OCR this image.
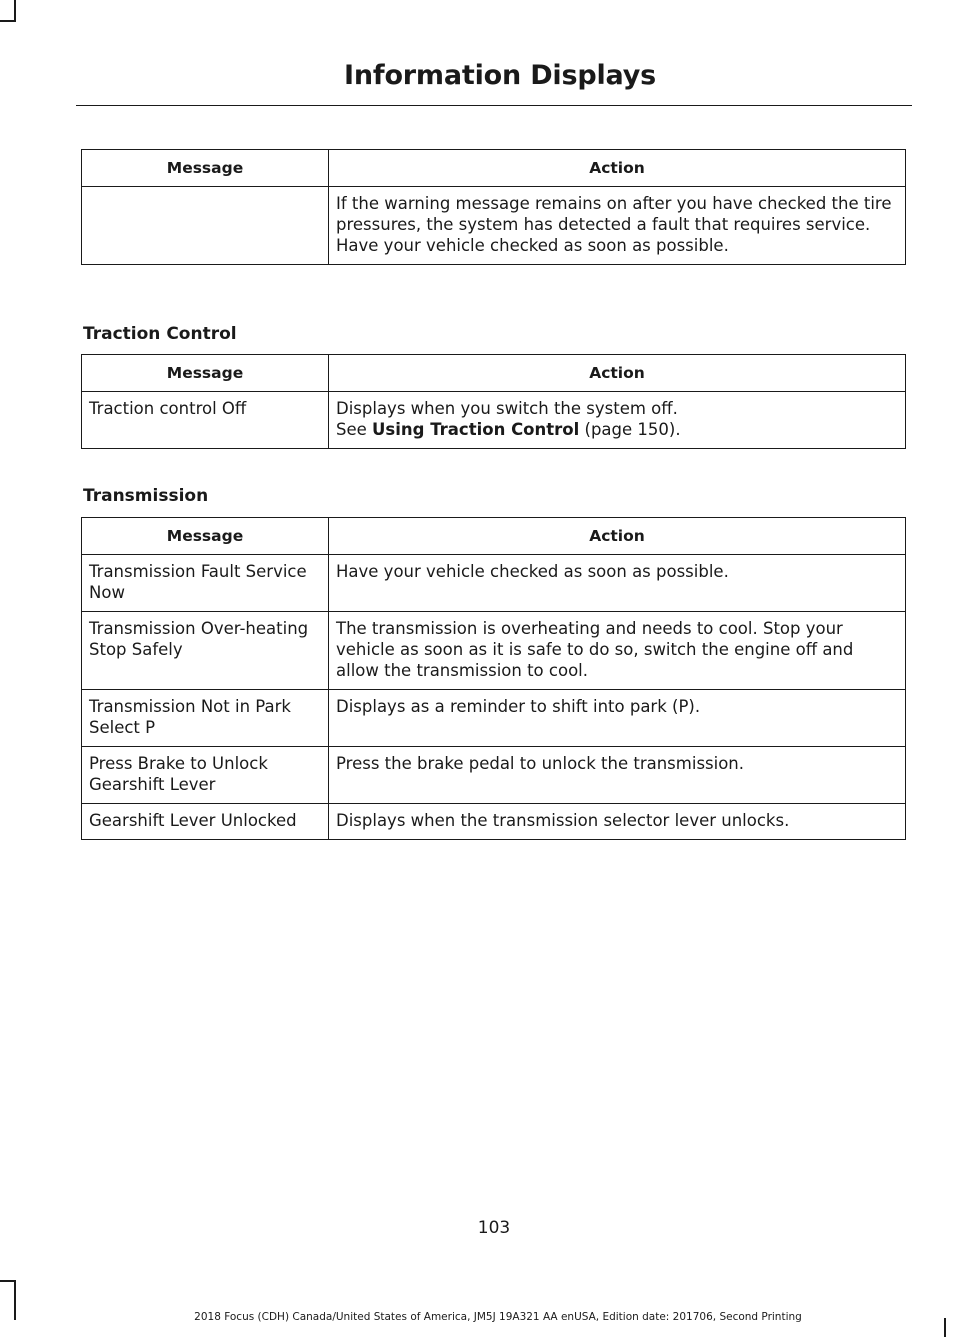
Information Displays
Message	Action
	If the warning message remains on after you have checked the tire pressures, the system has detected a fault that requires service. Have your vehicle checked as soon as possible.
Traction Control
Message	Action
Traction control Off	Displays when you switch the system off.
See Using Traction Control (page 150).
Transmission
Message	Action
Transmission Fault Service Now	Have your vehicle checked as soon as possible.
Transmission Over-heating Stop Safely	The transmission is overheating and needs to cool. Stop your vehicle as soon as it is safe to do so, switch the engine off and allow the transmission to cool.
Transmission Not in Park Select P	Displays as a reminder to shift into park (P).
Press Brake to Unlock Gearshift Lever	Press the brake pedal to unlock the transmission.
Gearshift Lever Unlocked	Displays when the transmission selector lever unlocks.
103
2018 Focus (CDH) Canada/United States of America, JM5J 19A321 AA enUSA, Edition date: 201706, Second Printing
